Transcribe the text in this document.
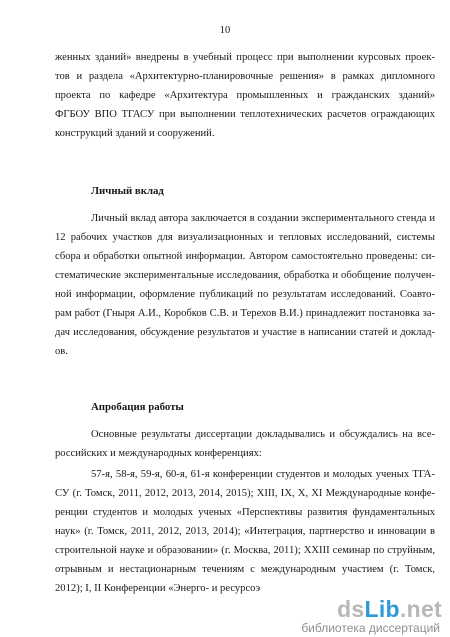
10
женных зданий» внедрены в учебный процесс при выполнении курсовых проек-
тов и раздела «Архитектурно-планировочные решения» в рамках дипломного
проекта по кафедре «Архитектура промышленных и гражданских зданий»
ФГБОУ ВПО ТГАСУ при выполнении теплотехнических расчетов ограждающих
конструкций зданий и сооружений.
Личный вклад
Личный вклад автора заключается в создании экспериментального стенда и
12 рабочих участков для визуализационных и тепловых исследований, системы
сбора и обработки опытной информации. Автором самостоятельно проведены: си-
стематические экспериментальные исследования, обработка и обобщение получен-
ной информации, оформление публикаций по результатам исследований. Соавто-
рам работ (Гныря А.И., Коробков С.В. и Терехов В.И.) принадлежит постановка за-
дач исследования, обсуждение результатов и участие в написании статей и доклад-
ов.
Апробация работы
Основные результаты диссертации докладывались и обсуждались на все-
российских и международных конференциях:
57-я, 58-я, 59-я, 60-я, 61-я конференции студентов и молодых ученых ТГА-
СУ (г. Томск, 2011, 2012, 2013, 2014, 2015); XIII, IX, X, XI Международные конфе-
ренции студентов и молодых ученых «Перспективы развития фундаментальных
наук» (г. Томск, 2011, 2012, 2013, 2014); «Интеграция, партнерство и инновации в
строительной науке и образовании» (г. Москва, 2011); XXIII семинар по струйным,
отрывным и нестационарным течениям с международным участием (г. Томск,
2012); I, II Конференции «Энерго- и ресурсоэ
dsLib.net
библиотека диссертаций
